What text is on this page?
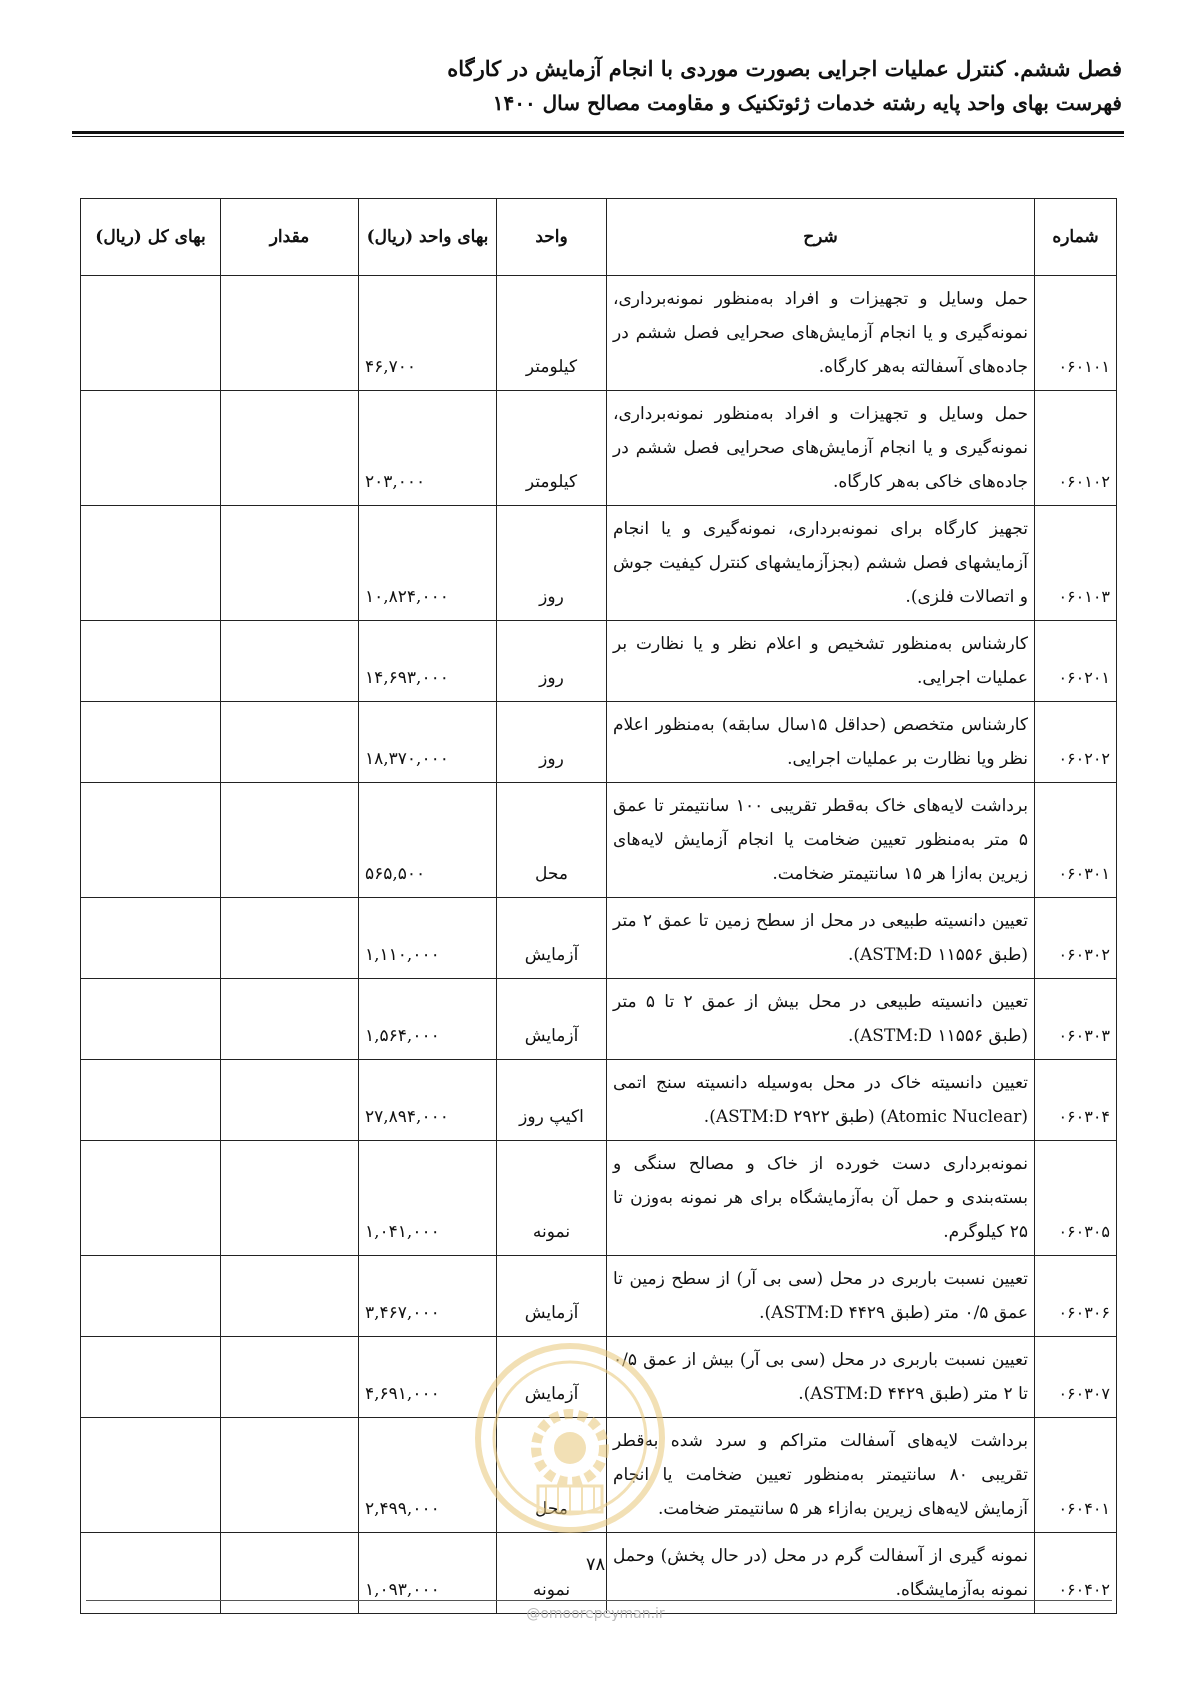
فصل ششم. کنترل عملیات اجرایی بصورت موردی با انجام آزمایش در کارگاه
فهرست بهای واحد پایه رشته خدمات ژئوتکنیک و مقاومت مصالح سال ۱۴۰۰
شماره	شرح	واحد	بهای واحد (ریال)	مقدار	بهای کل (ریال)
۰۶۰۱۰۱	حمل وسایل و تجهیزات و افراد به‌منظور نمونه‌برداری، نمونه‌گیری و یا انجام آزمایش‌های صحرایی فصل ششم در جاده‌های آسفالته به‌هر کارگاه.	کیلومتر	۴۶,۷۰۰		
۰۶۰۱۰۲	حمل وسایل و تجهیزات و افراد به‌منظور نمونه‌برداری، نمونه‌گیری و یا انجام آزمایش‌های صحرایی فصل ششم در جاده‌های خاکی به‌هر کارگاه.	کیلومتر	۲۰۳,۰۰۰		
۰۶۰۱۰۳	تجهیز کارگاه برای نمونه‌برداری، نمونه‌گیری و یا انجام آزمایشهای فصل ششم (بجزآزمایشهای کنترل کیفیت جوش و اتصالات فلزی).	روز	۱۰,۸۲۴,۰۰۰		
۰۶۰۲۰۱	کارشناس به‌منظور تشخیص و اعلام نظر و یا نظارت بر عملیات اجرایی.	روز	۱۴,۶۹۳,۰۰۰		
۰۶۰۲۰۲	کارشناس متخصص (حداقل ۱۵سال سابقه) به‌منظور اعلام نظر ویا نظارت بر عملیات اجرایی.	روز	۱۸,۳۷۰,۰۰۰		
۰۶۰۳۰۱	برداشت لایه‌های خاک به‌قطر تقریبی ۱۰۰ سانتیمتر تا عمق ۵ متر به‌منظور تعیین ضخامت یا انجام آزمایش لایه‌های زیرین به‌ازا هر ۱۵ سانتیمتر ضخامت.	محل	۵۶۵,۵۰۰		
۰۶۰۳۰۲	تعیین دانسیته طبیعی در محل از سطح زمین تا عمق ۲ متر (طبق ASTM:D ۱۱۵۵۶).	آزمایش	۱,۱۱۰,۰۰۰		
۰۶۰۳۰۳	تعیین دانسیته طبیعی در محل بیش از عمق ۲ تا ۵ متر (طبق ASTM:D ۱۱۵۵۶).	آزمایش	۱,۵۶۴,۰۰۰		
۰۶۰۳۰۴	تعیین دانسیته خاک در محل به‌وسیله دانسیته سنج اتمی (Atomic Nuclear) (طبق ASTM:D ۲۹۲۲).	اکیپ روز	۲۷,۸۹۴,۰۰۰		
۰۶۰۳۰۵	نمونه‌برداری دست خورده از خاک و مصالح سنگی و بسته‌بندی و حمل آن به‌آزمایشگاه برای هر نمونه به‌وزن تا ۲۵ کیلوگرم.	نمونه	۱,۰۴۱,۰۰۰		
۰۶۰۳۰۶	تعیین نسبت باربری در محل (سی بی آر) از سطح زمین تا عمق ۰/۵ متر (طبق ASTM:D ۴۴۲۹).	آزمایش	۳,۴۶۷,۰۰۰		
۰۶۰۳۰۷	تعیین نسبت باربری در محل (سی بی آر) بیش از عمق ۰/۵ تا ۲ متر (طبق ASTM:D ۴۴۲۹).	آزمایش	۴,۶۹۱,۰۰۰		
۰۶۰۴۰۱	برداشت لایه‌های آسفالت متراکم و سرد شده به‌قطر تقریبی ۸۰ سانتیمتر به‌منظور تعیین ضخامت یا انجام آزمایش لایه‌های زیرین به‌ازاء هر ۵ سانتیمتر ضخامت.	محل	۲,۴۹۹,۰۰۰		
۰۶۰۴۰۲	نمونه گیری از آسفالت گرم در محل (در حال پخش) وحمل نمونه به‌آزمایشگاه.	نمونه	۱,۰۹۳,۰۰۰		
۷۸
@omoorepeyman.ir
